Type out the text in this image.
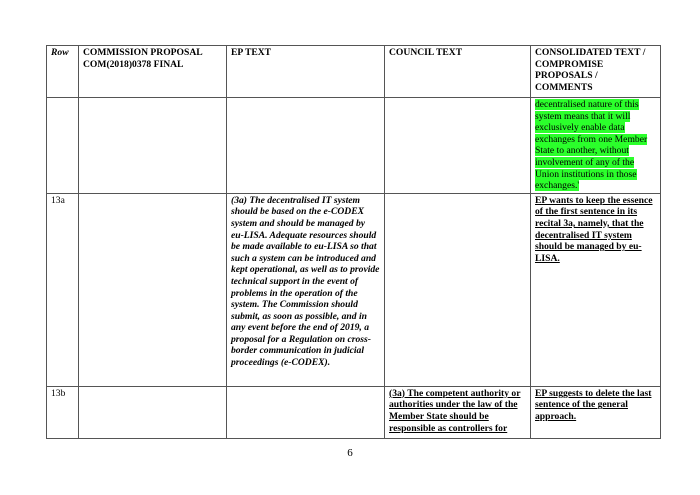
Row	COMMISSION PROPOSAL COM(2018)0378 FINAL	EP TEXT	COUNCIL TEXT	CONSOLIDATED TEXT / COMPROMISE PROPOSALS / COMMENTS
				decentralised nature of this system means that it will exclusively enable data exchanges from one Member State to another, without involvement of any of the Union institutions in those exchanges.'
13a		(3a) The decentralised IT system should be based on the e-CODEX system and should be managed by eu-LISA. Adequate resources should be made available to eu-LISA so that such a system can be introduced and kept operational, as well as to provide technical support in the event of problems in the operation of the system. The Commission should submit, as soon as possible, and in any event before the end of 2019, a proposal for a Regulation on cross-border communication in judicial proceedings (e-CODEX).		EP wants to keep the essence of the first sentence in its recital 3a, namely, that the decentralised IT system should be managed by eu-LISA.
13b			(3a) The competent authority or authorities under the law of the Member State should be responsible as controllers for	EP suggests to delete the last sentence of the general approach.
6
